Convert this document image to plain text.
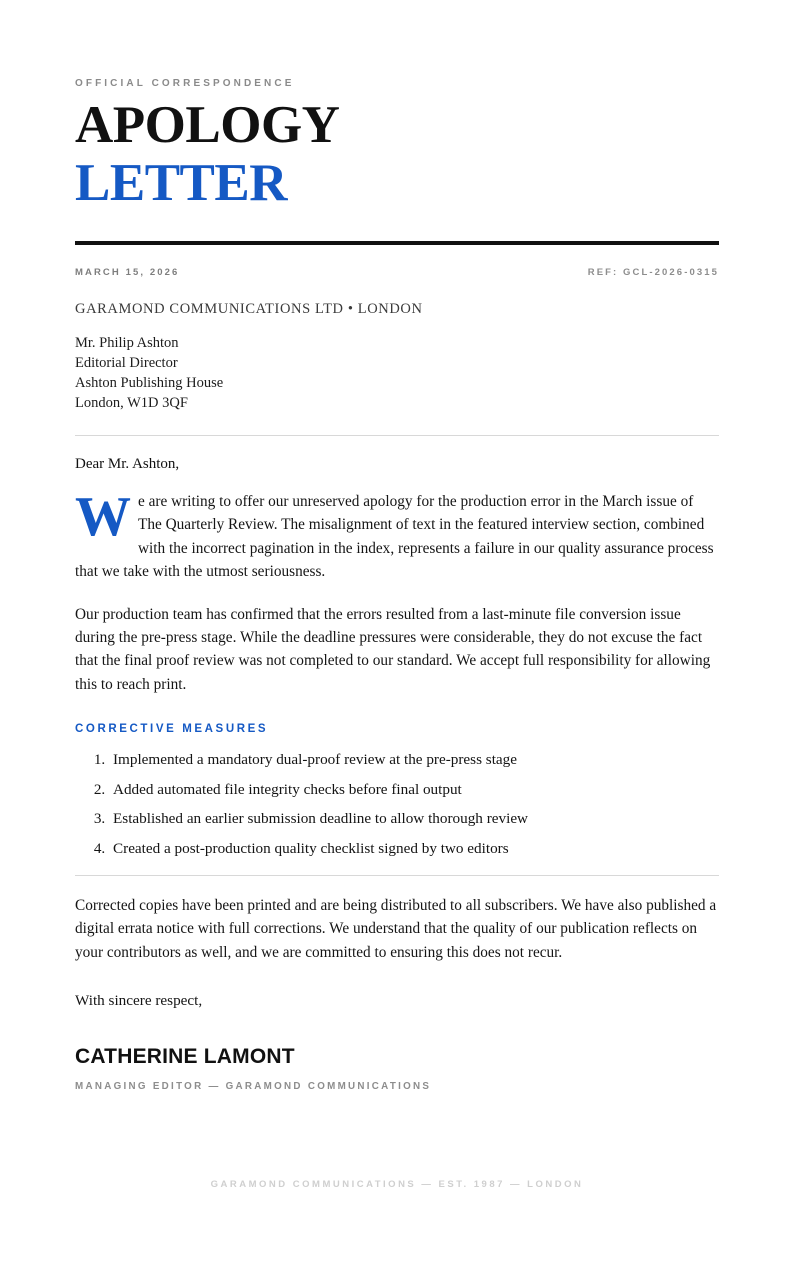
OFFICIAL CORRESPONDENCE
APOLOGY
LETTER
MARCH 15, 2026	REF: GCL-2026-0315
GARAMOND COMMUNICATIONS LTD • LONDON
Mr. Philip Ashton
Editorial Director
Ashton Publishing House
London, W1D 3QF
Dear Mr. Ashton,
We are writing to offer our unreserved apology for the production error in the March issue of The Quarterly Review. The misalignment of text in the featured interview section, combined with the incorrect pagination in the index, represents a failure in our quality assurance process that we take with the utmost seriousness.
Our production team has confirmed that the errors resulted from a last-minute file conversion issue during the pre-press stage. While the deadline pressures were considerable, they do not excuse the fact that the final proof review was not completed to our standard. We accept full responsibility for allowing this to reach print.
CORRECTIVE MEASURES
1. Implemented a mandatory dual-proof review at the pre-press stage
2. Added automated file integrity checks before final output
3. Established an earlier submission deadline to allow thorough review
4. Created a post-production quality checklist signed by two editors
Corrected copies have been printed and are being distributed to all subscribers. We have also published a digital errata notice with full corrections. We understand that the quality of our publication reflects on your contributors as well, and we are committed to ensuring this does not recur.
With sincere respect,
CATHERINE LAMONT
MANAGING EDITOR — GARAMOND COMMUNICATIONS
GARAMOND COMMUNICATIONS — EST. 1987 — LONDON
